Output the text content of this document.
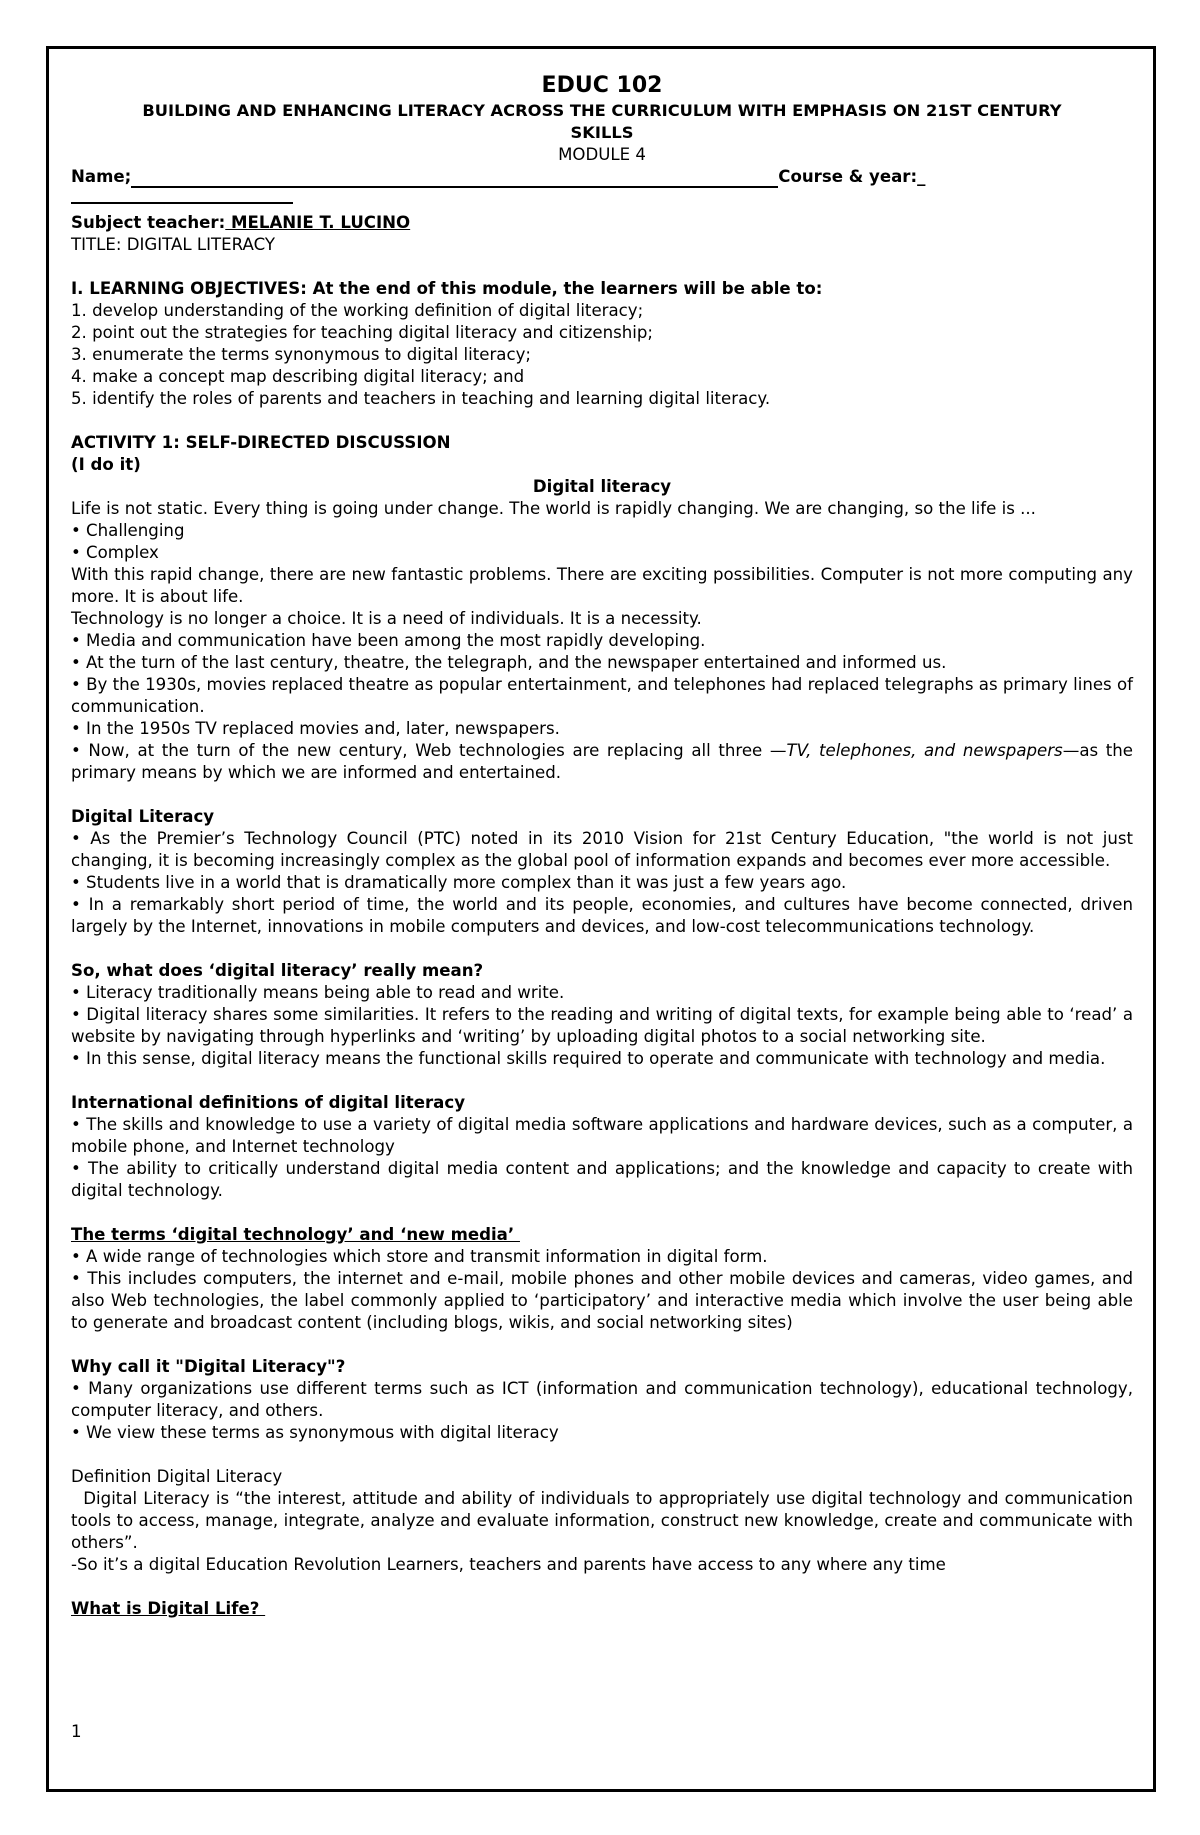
EDUC 102

BUILDING AND ENHANCING LITERACY ACROSS THE CURRICULUM WITH EMPHASIS ON 21ST CENTURY

SKILLS

MODULE 4

Name;	Course & year: _

Subject teacher: MELANIE T. LUCINO

TITLE: DIGITAL LITERACY

I. LEARNING OBJECTIVES: At the end of this module, the learners will be able to:

1. develop understanding of the working definition of digital literacy;

2. point out the strategies for teaching digital literacy and citizenship;

3. enumerate the terms synonymous to digital literacy;

4. make a concept map describing digital literacy; and

5. identify the roles of parents and teachers in teaching and learning digital literacy.

ACTIVITY 1: SELF-DIRECTED DISCUSSION

(I do it)

Digital literacy

Life is not static. Every thing is going under change. The world is rapidly changing. We are changing, so the life is ...

• Challenging

• Complex

With this rapid change, there are new fantastic problems. There are exciting possibilities. Computer is not more computing any more. It is about life.

Technology is no longer a choice. It is a need of individuals. It is a necessity.

• Media and communication have been among the most rapidly developing.

• At the turn of the last century, theatre, the telegraph, and the newspaper entertained and informed us.

• By the 1930s, movies replaced theatre as popular entertainment, and telephones had replaced telegraphs as primary lines of communication.

• In the 1950s TV replaced movies and, later, newspapers.

• Now, at the turn of the new century, Web technologies are replacing all three —TV, telephones, and newspapers—as the primary means by which we are informed and entertained.

Digital Literacy

• As the Premier’s Technology Council (PTC) noted in its 2010 Vision for 21st Century Education, "the world is not just changing, it is becoming increasingly complex as the global pool of information expands and becomes ever more accessible.

• Students live in a world that is dramatically more complex than it was just a few years ago.

• In a remarkably short period of time, the world and its people, economies, and cultures have become connected, driven largely by the Internet, innovations in mobile computers and devices, and low-cost telecommunications technology.

So, what does ‘digital literacy’ really mean?

• Literacy traditionally means being able to read and write.

• Digital literacy shares some similarities. It refers to the reading and writing of digital texts, for example being able to ‘read’ a website by navigating through hyperlinks and ‘writing’ by uploading digital photos to a social networking site.

• In this sense, digital literacy means the functional skills required to operate and communicate with technology and media.

International definitions of digital literacy

• The skills and knowledge to use a variety of digital media software applications and hardware devices, such as a computer, a mobile phone, and Internet technology

• The ability to critically understand digital media content and applications; and the knowledge and capacity to create with digital technology.

The terms ‘digital technology’ and ‘new media’

• A wide range of technologies which store and transmit information in digital form.

• This includes computers, the internet and e-mail, mobile phones and other mobile devices and cameras, video games, and also Web technologies, the label commonly applied to ‘participatory’ and interactive media which involve the user being able to generate and broadcast content (including blogs, wikis, and social networking sites)

Why call it "Digital Literacy"?

• Many organizations use different terms such as ICT (information and communication technology), educational technology, computer literacy, and others.

• We view these terms as synonymous with digital literacy

Definition Digital Literacy

Digital Literacy is “the interest, attitude and ability of individuals to appropriately use digital technology and communication tools to access, manage, integrate, analyze and evaluate information, construct new knowledge, create and communicate with others”.

-So it’s a digital Education Revolution Learners, teachers and parents have access to any where any time

What is Digital Life?

1
